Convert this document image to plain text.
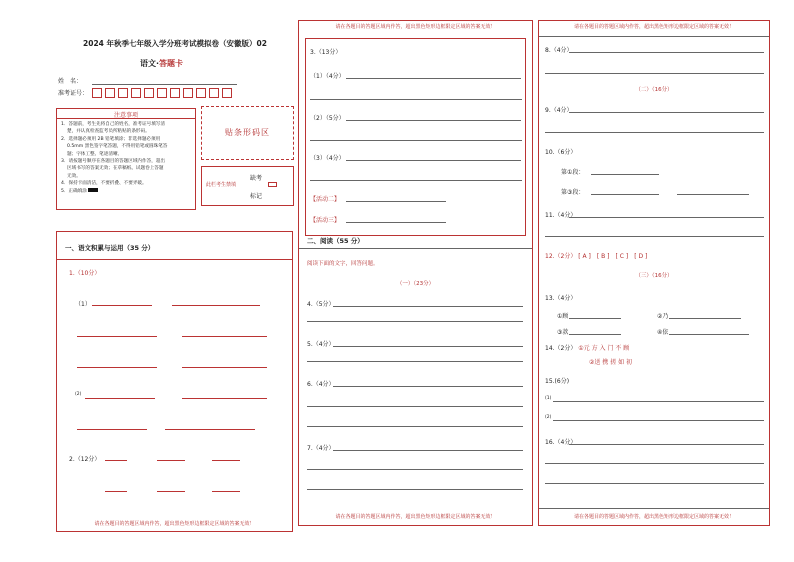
2024 年秋季七年级入学分班考试模拟卷（安徽版）02
语文·答题卡
姓　名：
准考证号：
注意事项
1．答题前，考生先将自己的姓名，准考证号填写清
楚，并认真检查监考员所粘贴的条形码。
2．选择题必须用 2B 铅笔填涂；非选择题必须用
0.5mm 黑色签字笔答题，不得用铅笔或圆珠笔答
题；字体工整、笔迹清晰。
3．请按题号顺序在各题目的答题区域内作答，超出
区域书写的答案无效；在草稿纸、试题卷上答题
无效。
4．保持卡面清洁，不要折叠、不要弄破。
5．正确填涂
贴条形码区
缺考
此栏考生禁填
标记
一、语文积累与运用（35 分）
1.（10分）
（1）
(2)
2.（12分）
请在各题目的答题区域内作答，超出黑色矩形边框限定区域的答案无效！
请在各题目的答题区域内作答，超出黑色矩形边框限定区域的答案无效！
3.（13分）
（1）（4分）
（2）（5分）
（3）（4分）
【活动二】
【活动三】
二、阅读（55 分）
阅读下面的文字，回答问题。
（一）（23分）
4.（5分）
5.（4分）
6.（4分）
7.（4分）
请在各题目的答题区域内作答，超出黑色矩形边框限定区域的答案无效！
请在各题目的答题区域内作答，超出黑色矩形边框限定区域的答案无效！
8.（4分）
（二）（16分）
9.（4分）
10.（6分）
第①段：
第③段：
11.（4分）
12.（2分） [ A ]　[ B ]　[ C ]　[ D ]
（三）（16分）
13.（4分）
①顾	②乃
③款	④依
14.（2分） ①元 方 入 门 不 顾
②送 携 搓 如 初
15.(6分)
(1)
(2)
16.（4分）
请在各题目的答题区域内作答，超出黑色矩形边框限定区域的答案无效！
